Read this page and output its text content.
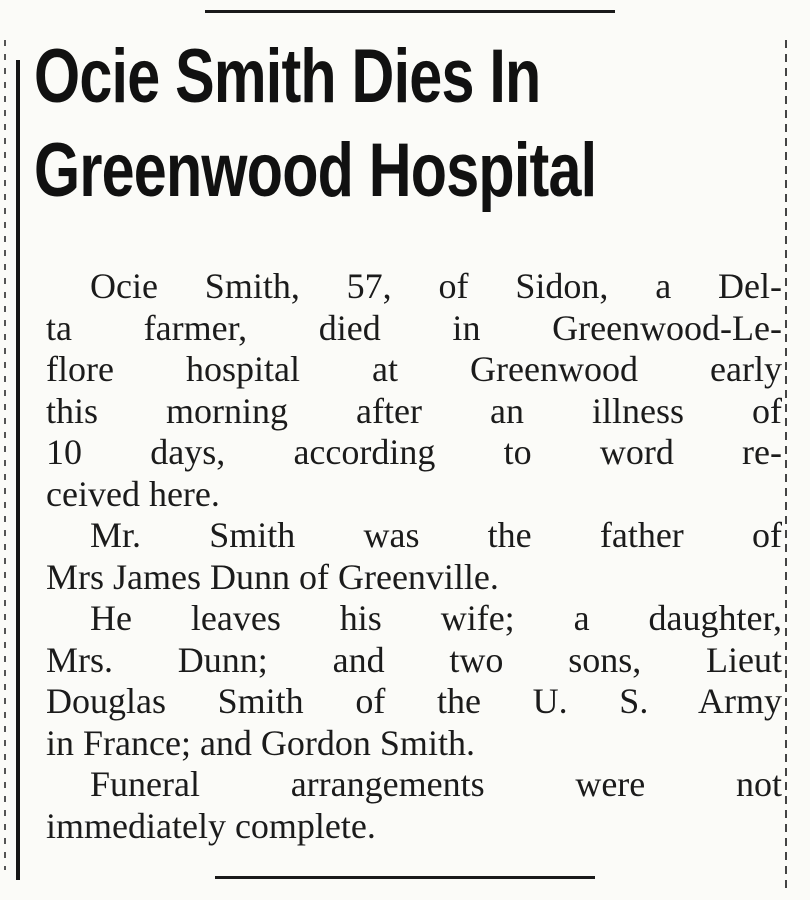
Ocie Smith Dies In
Greenwood Hospital
Ocie Smith, 57, of Sidon, a Del-
ta farmer, died in Greenwood-Le-
flore hospital at Greenwood early
this morning after an illness of
10 days, according to word re-
ceived here.
Mr. Smith was the father of
Mrs James Dunn of Greenville.
He leaves his wife; a daughter,
Mrs. Dunn; and two sons, Lieut
Douglas Smith of the U. S. Army
in France; and Gordon Smith.
Funeral arrangements were not
immediately complete.
